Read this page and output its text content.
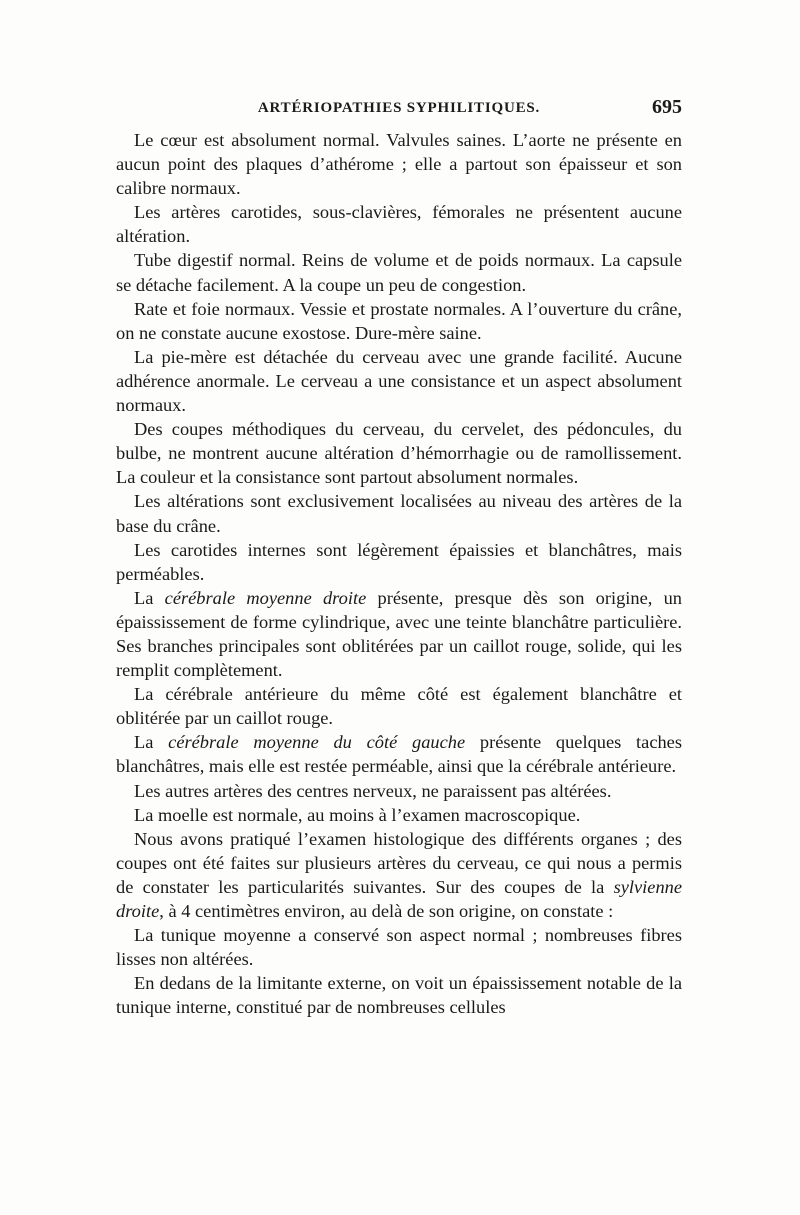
ARTÉRIOPATHIES SYPHILITIQUES.	695

Le cœur est absolument normal. Valvules saines. L’aorte ne présente en aucun point des plaques d’athérome ; elle a partout son épaisseur et son calibre normaux.

Les artères carotides, sous-clavières, fémorales ne présentent aucune altération.

Tube digestif normal. Reins de volume et de poids normaux. La capsule se détache facilement. A la coupe un peu de congestion.

Rate et foie normaux. Vessie et prostate normales. A l’ouverture du crâne, on ne constate aucune exostose. Dure-mère saine.

La pie-mère est détachée du cerveau avec une grande facilité. Aucune adhérence anormale. Le cerveau a une consistance et un aspect absolument normaux.

Des coupes méthodiques du cerveau, du cervelet, des pédoncules, du bulbe, ne montrent aucune altération d’hémorrhagie ou de ramollissement. La couleur et la consistance sont partout absolument normales.

Les altérations sont exclusivement localisées au niveau des artères de la base du crâne.

Les carotides internes sont légèrement épaissies et blanchâtres, mais perméables.

La cérébrale moyenne droite présente, presque dès son origine, un épaississement de forme cylindrique, avec une teinte blanchâtre particulière. Ses branches principales sont oblitérées par un caillot rouge, solide, qui les remplit complètement.

La cérébrale antérieure du même côté est également blanchâtre et oblitérée par un caillot rouge.

La cérébrale moyenne du côté gauche présente quelques taches blanchâtres, mais elle est restée perméable, ainsi que la cérébrale antérieure.

Les autres artères des centres nerveux, ne paraissent pas altérées.

La moelle est normale, au moins à l’examen macroscopique.

Nous avons pratiqué l’examen histologique des différents organes ; des coupes ont été faites sur plusieurs artères du cerveau, ce qui nous a permis de constater les particularités suivantes. Sur des coupes de la sylvienne droite, à 4 centimètres environ, au delà de son origine, on constate :

La tunique moyenne a conservé son aspect normal ; nombreuses fibres lisses non altérées.

En dedans de la limitante externe, on voit un épaississement notable de la tunique interne, constitué par de nombreuses cellules
